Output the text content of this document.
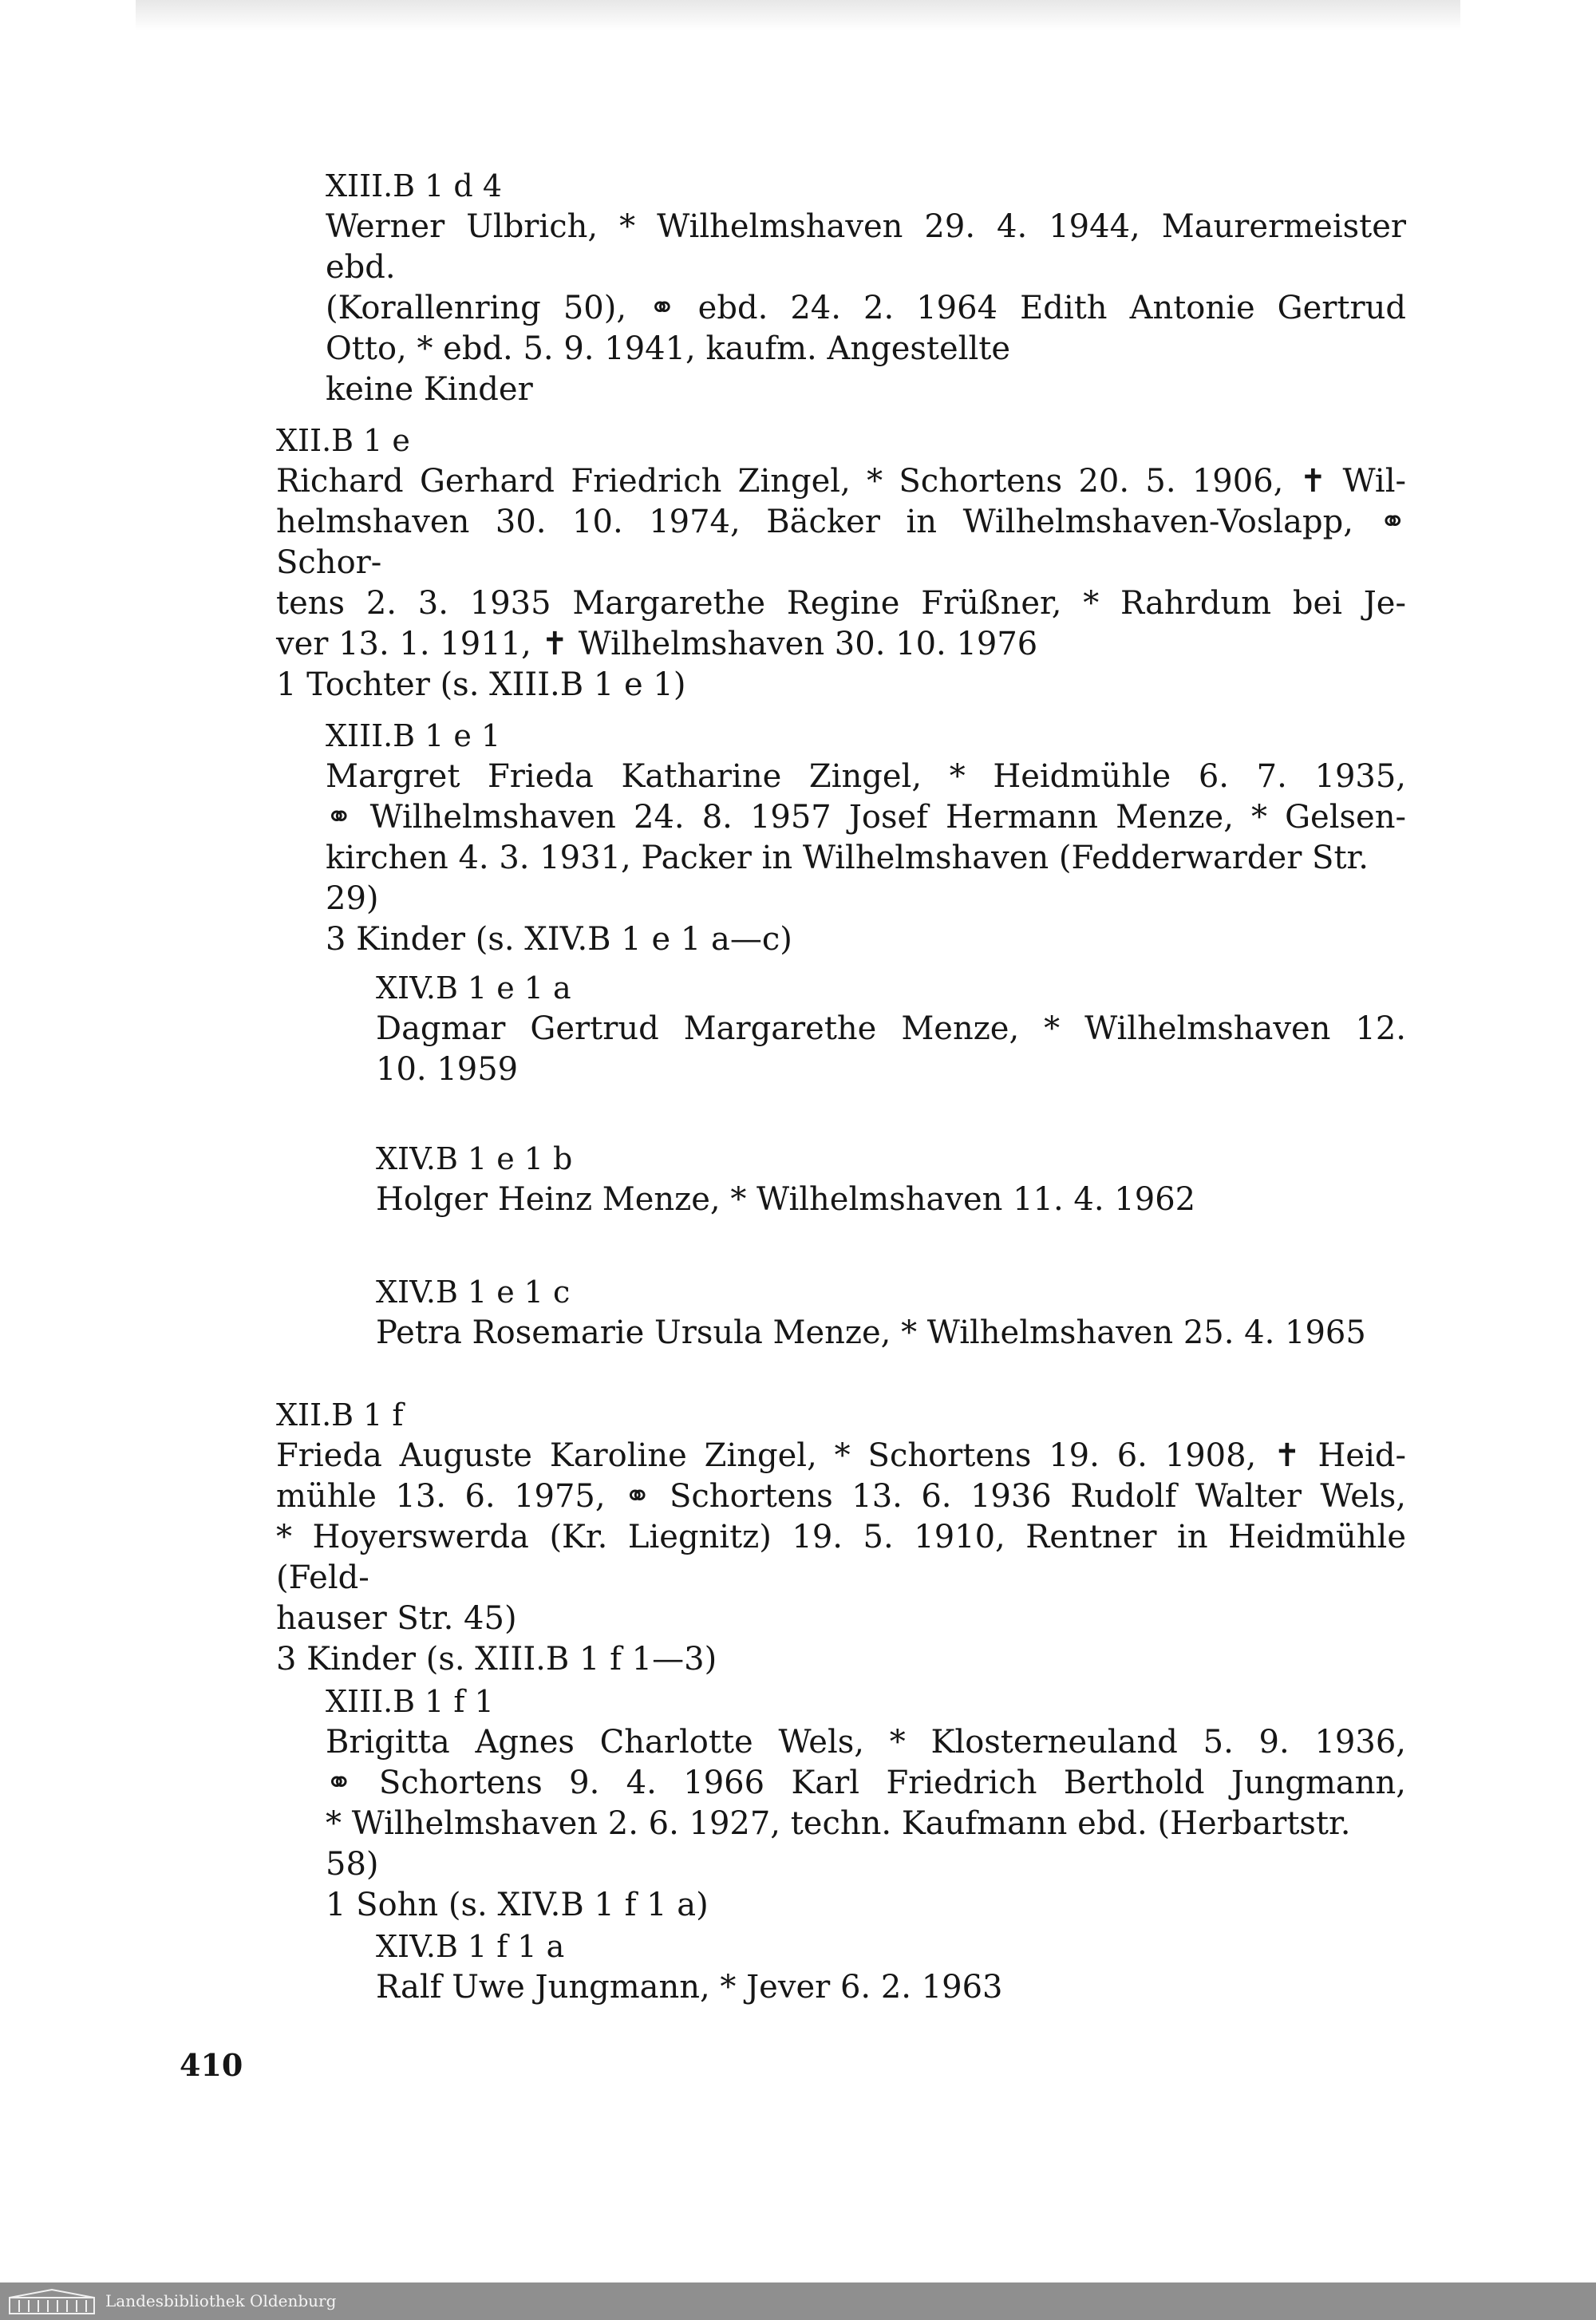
XIII.B 1 d 4
Werner Ulbrich, * Wilhelmshaven 29. 4. 1944, Maurermeister ebd.
(Korallenring 50), ⚭ ebd. 24. 2. 1964 Edith Antonie Gertrud
Otto, * ebd. 5. 9. 1941, kaufm. Angestellte
keine Kinder
XII.B 1 e
Richard Gerhard Friedrich Zingel, * Schortens 20. 5. 1906, ✝ Wil-
helmshaven 30. 10. 1974, Bäcker in Wilhelmshaven-Voslapp, ⚭ Schor-
tens 2. 3. 1935 Margarethe Regine Früßner, * Rahrdum bei Je-
ver 13. 1. 1911, ✝ Wilhelmshaven 30. 10. 1976
1 Tochter (s. XIII.B 1 e 1)
XIII.B 1 e 1
Margret Frieda Katharine Zingel, * Heidmühle 6. 7. 1935,
⚭ Wilhelmshaven 24. 8. 1957 Josef Hermann Menze, * Gelsen-
kirchen 4. 3. 1931, Packer in Wilhelmshaven (Fedderwarder Str. 29)
3 Kinder (s. XIV.B 1 e 1 a—c)
XIV.B 1 e 1 a
Dagmar Gertrud Margarethe Menze, * Wilhelmshaven 12.
10. 1959
XIV.B 1 e 1 b
Holger Heinz Menze, * Wilhelmshaven 11. 4. 1962
XIV.B 1 e 1 c
Petra Rosemarie Ursula Menze, * Wilhelmshaven 25. 4. 1965
XII.B 1 f
Frieda Auguste Karoline Zingel, * Schortens 19. 6. 1908, ✝ Heid-
mühle 13. 6. 1975, ⚭ Schortens 13. 6. 1936 Rudolf Walter Wels,
* Hoyerswerda (Kr. Liegnitz) 19. 5. 1910, Rentner in Heidmühle (Feld-
hauser Str. 45)
3 Kinder (s. XIII.B 1 f 1—3)
XIII.B 1 f 1
Brigitta Agnes Charlotte Wels, * Klosterneuland 5. 9. 1936,
⚭ Schortens 9. 4. 1966 Karl Friedrich Berthold Jungmann,
* Wilhelmshaven 2. 6. 1927, techn. Kaufmann ebd. (Herbartstr. 58)
1 Sohn (s. XIV.B 1 f 1 a)
XIV.B 1 f 1 a
Ralf Uwe Jungmann, * Jever 6. 2. 1963
410
Landesbibliothek Oldenburg
